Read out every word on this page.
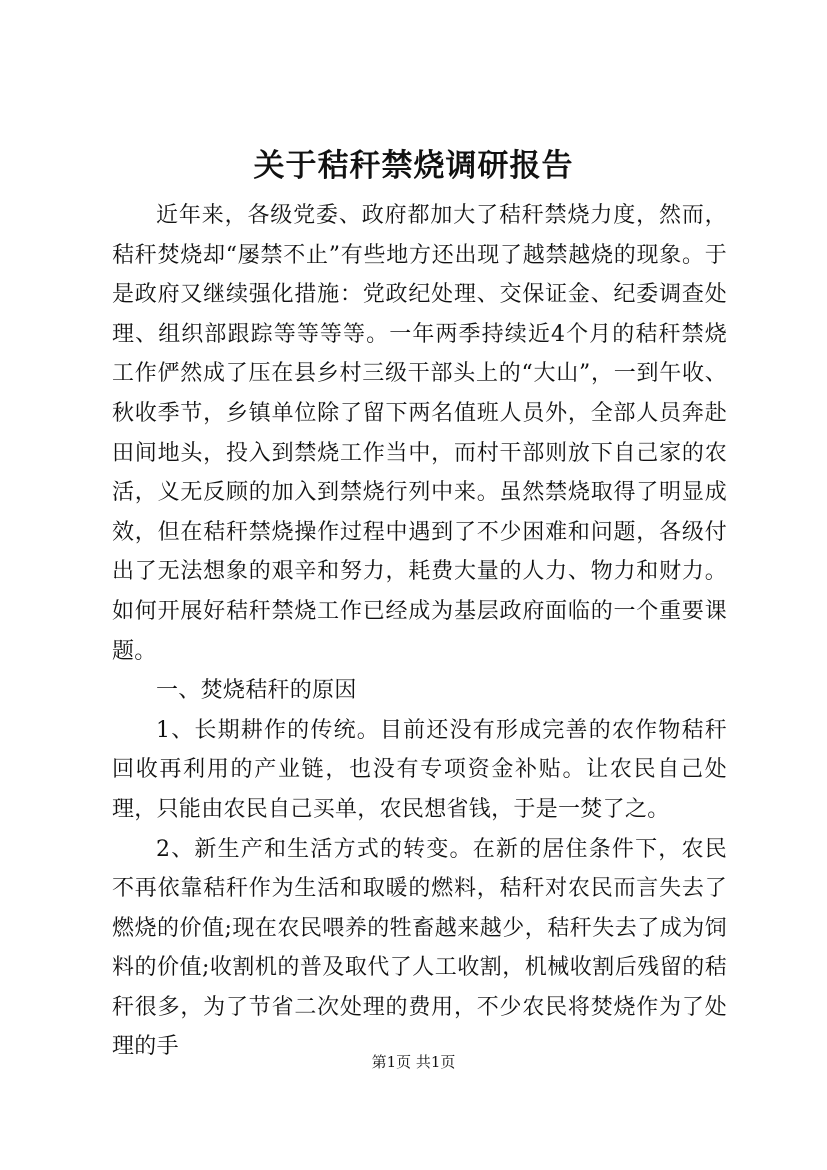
关于秸秆禁烧调研报告

近年来，各级党委、政府都加大了秸秆禁烧力度，然而，秸秆焚烧却“屡禁不止”有些地方还出现了越禁越烧的现象。于是政府又继续强化措施：党政纪处理、交保证金、纪委调查处理、组织部跟踪等等等等。一年两季持续近4个月的秸秆禁烧工作俨然成了压在县乡村三级干部头上的“大山”，一到午收、秋收季节，乡镇单位除了留下两名值班人员外，全部人员奔赴田间地头，投入到禁烧工作当中，而村干部则放下自己家的农活，义无反顾的加入到禁烧行列中来。虽然禁烧取得了明显成效，但在秸秆禁烧操作过程中遇到了不少困难和问题，各级付出了无法想象的艰辛和努力，耗费大量的人力、物力和财力。如何开展好秸秆禁烧工作已经成为基层政府面临的一个重要课题。

一、焚烧秸秆的原因

1、长期耕作的传统。目前还没有形成完善的农作物秸秆回收再利用的产业链，也没有专项资金补贴。让农民自己处理，只能由农民自己买单，农民想省钱，于是一焚了之。

2、新生产和生活方式的转变。在新的居住条件下，农民不再依靠秸秆作为生活和取暖的燃料，秸秆对农民而言失去了燃烧的价值;现在农民喂养的牲畜越来越少，秸秆失去了成为饲料的价值;收割机的普及取代了人工收割，机械收割后残留的秸秆很多，为了节省二次处理的费用，不少农民将焚烧作为了处理的手

第1页 共1页
